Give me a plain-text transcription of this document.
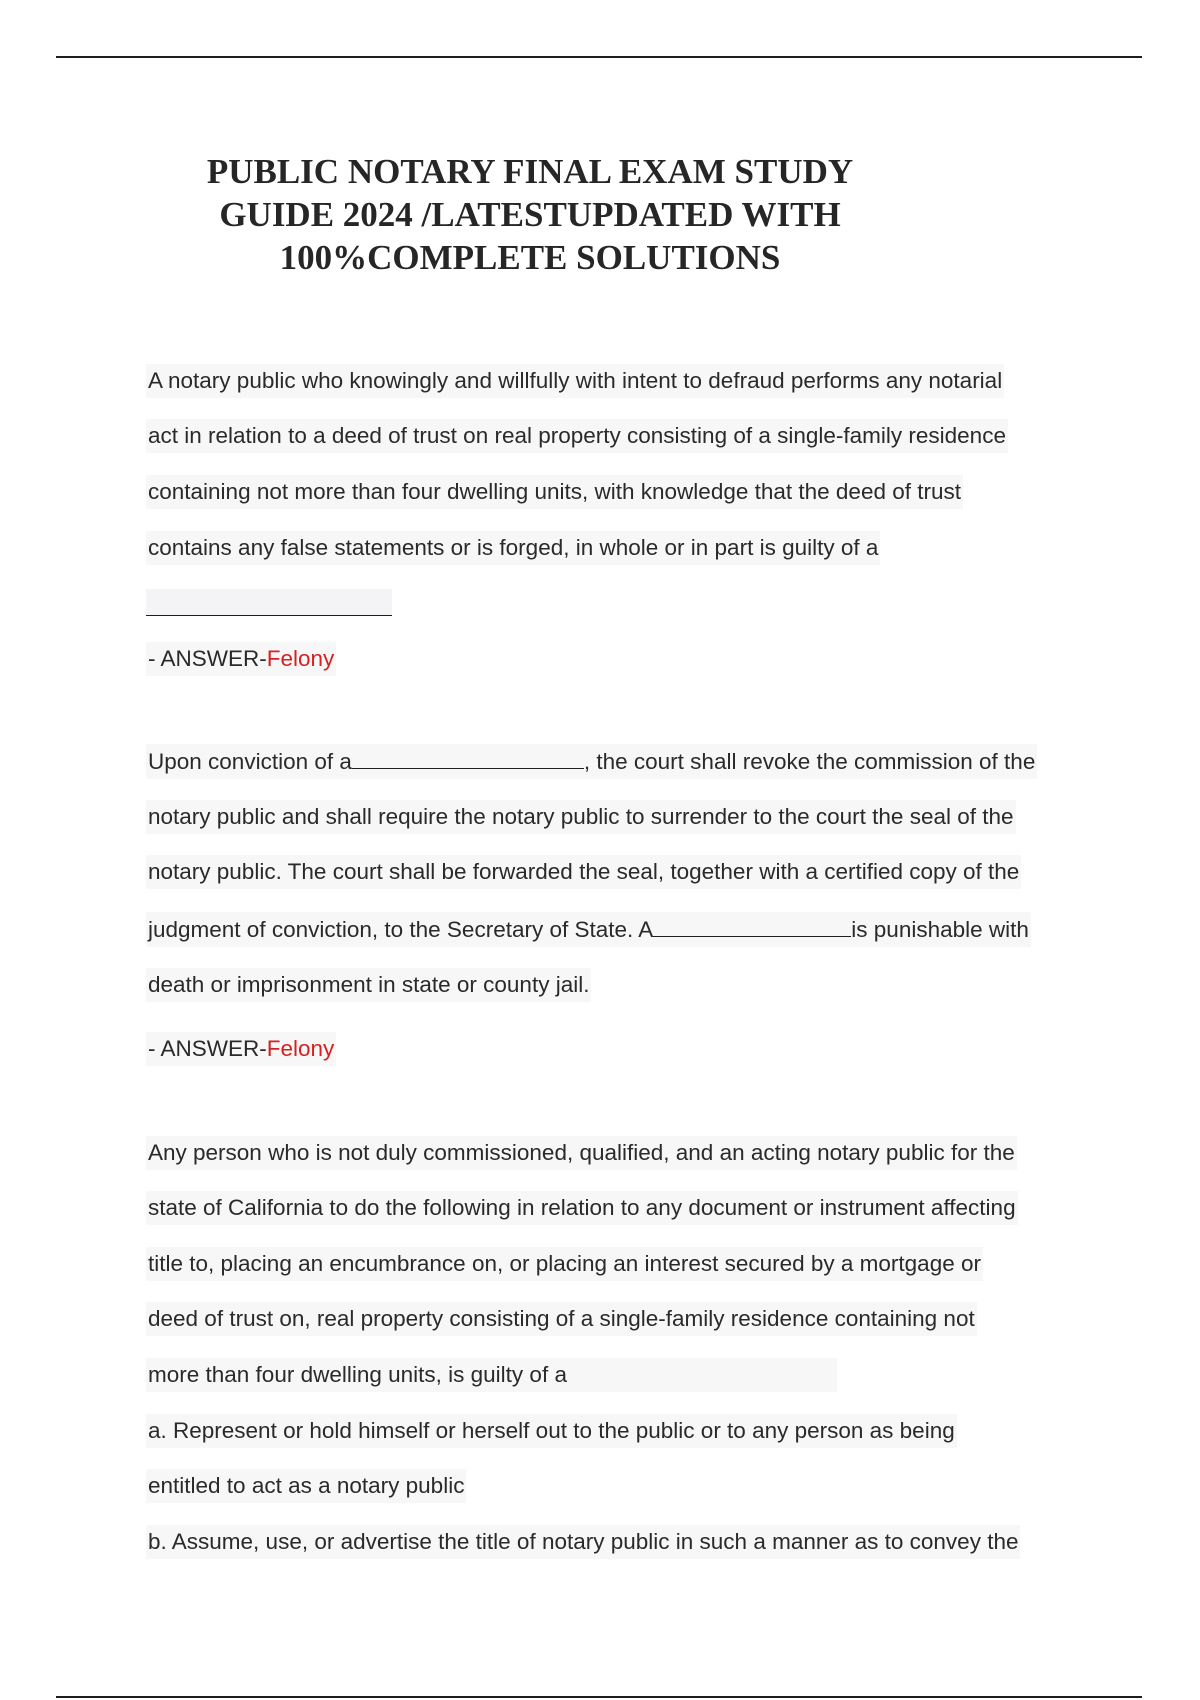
PUBLIC NOTARY FINAL EXAM STUDY
GUIDE 2024 /LATESTUPDATED WITH
100%COMPLETE SOLUTIONS
A notary public who knowingly and willfully with intent to defraud performs any notarial
act in relation to a deed of trust on real property consisting of a single-family residence
containing not more than four dwelling units, with knowledge that the deed of trust
contains any false statements or is forged, in whole or in part is guilty of a
- ANSWER-Felony
Upon conviction of a	, the court shall revoke the commission of the
notary public and shall require the notary public to surrender to the court the seal of the
notary public. The court shall be forwarded the seal, together with a certified copy of the
judgment of conviction, to the Secretary of State. A	is punishable with
death or imprisonment in state or county jail.
- ANSWER-Felony
Any person who is not duly commissioned, qualified, and an acting notary public for the
state of California to do the following in relation to any document or instrument affecting
title to, placing an encumbrance on, or placing an interest secured by a mortgage or
deed of trust on, real property consisting of a single-family residence containing not
more than four dwelling units, is guilty of a
a. Represent or hold himself or herself out to the public or to any person as being
entitled to act as a notary public
b. Assume, use, or advertise the title of notary public in such a manner as to convey the
